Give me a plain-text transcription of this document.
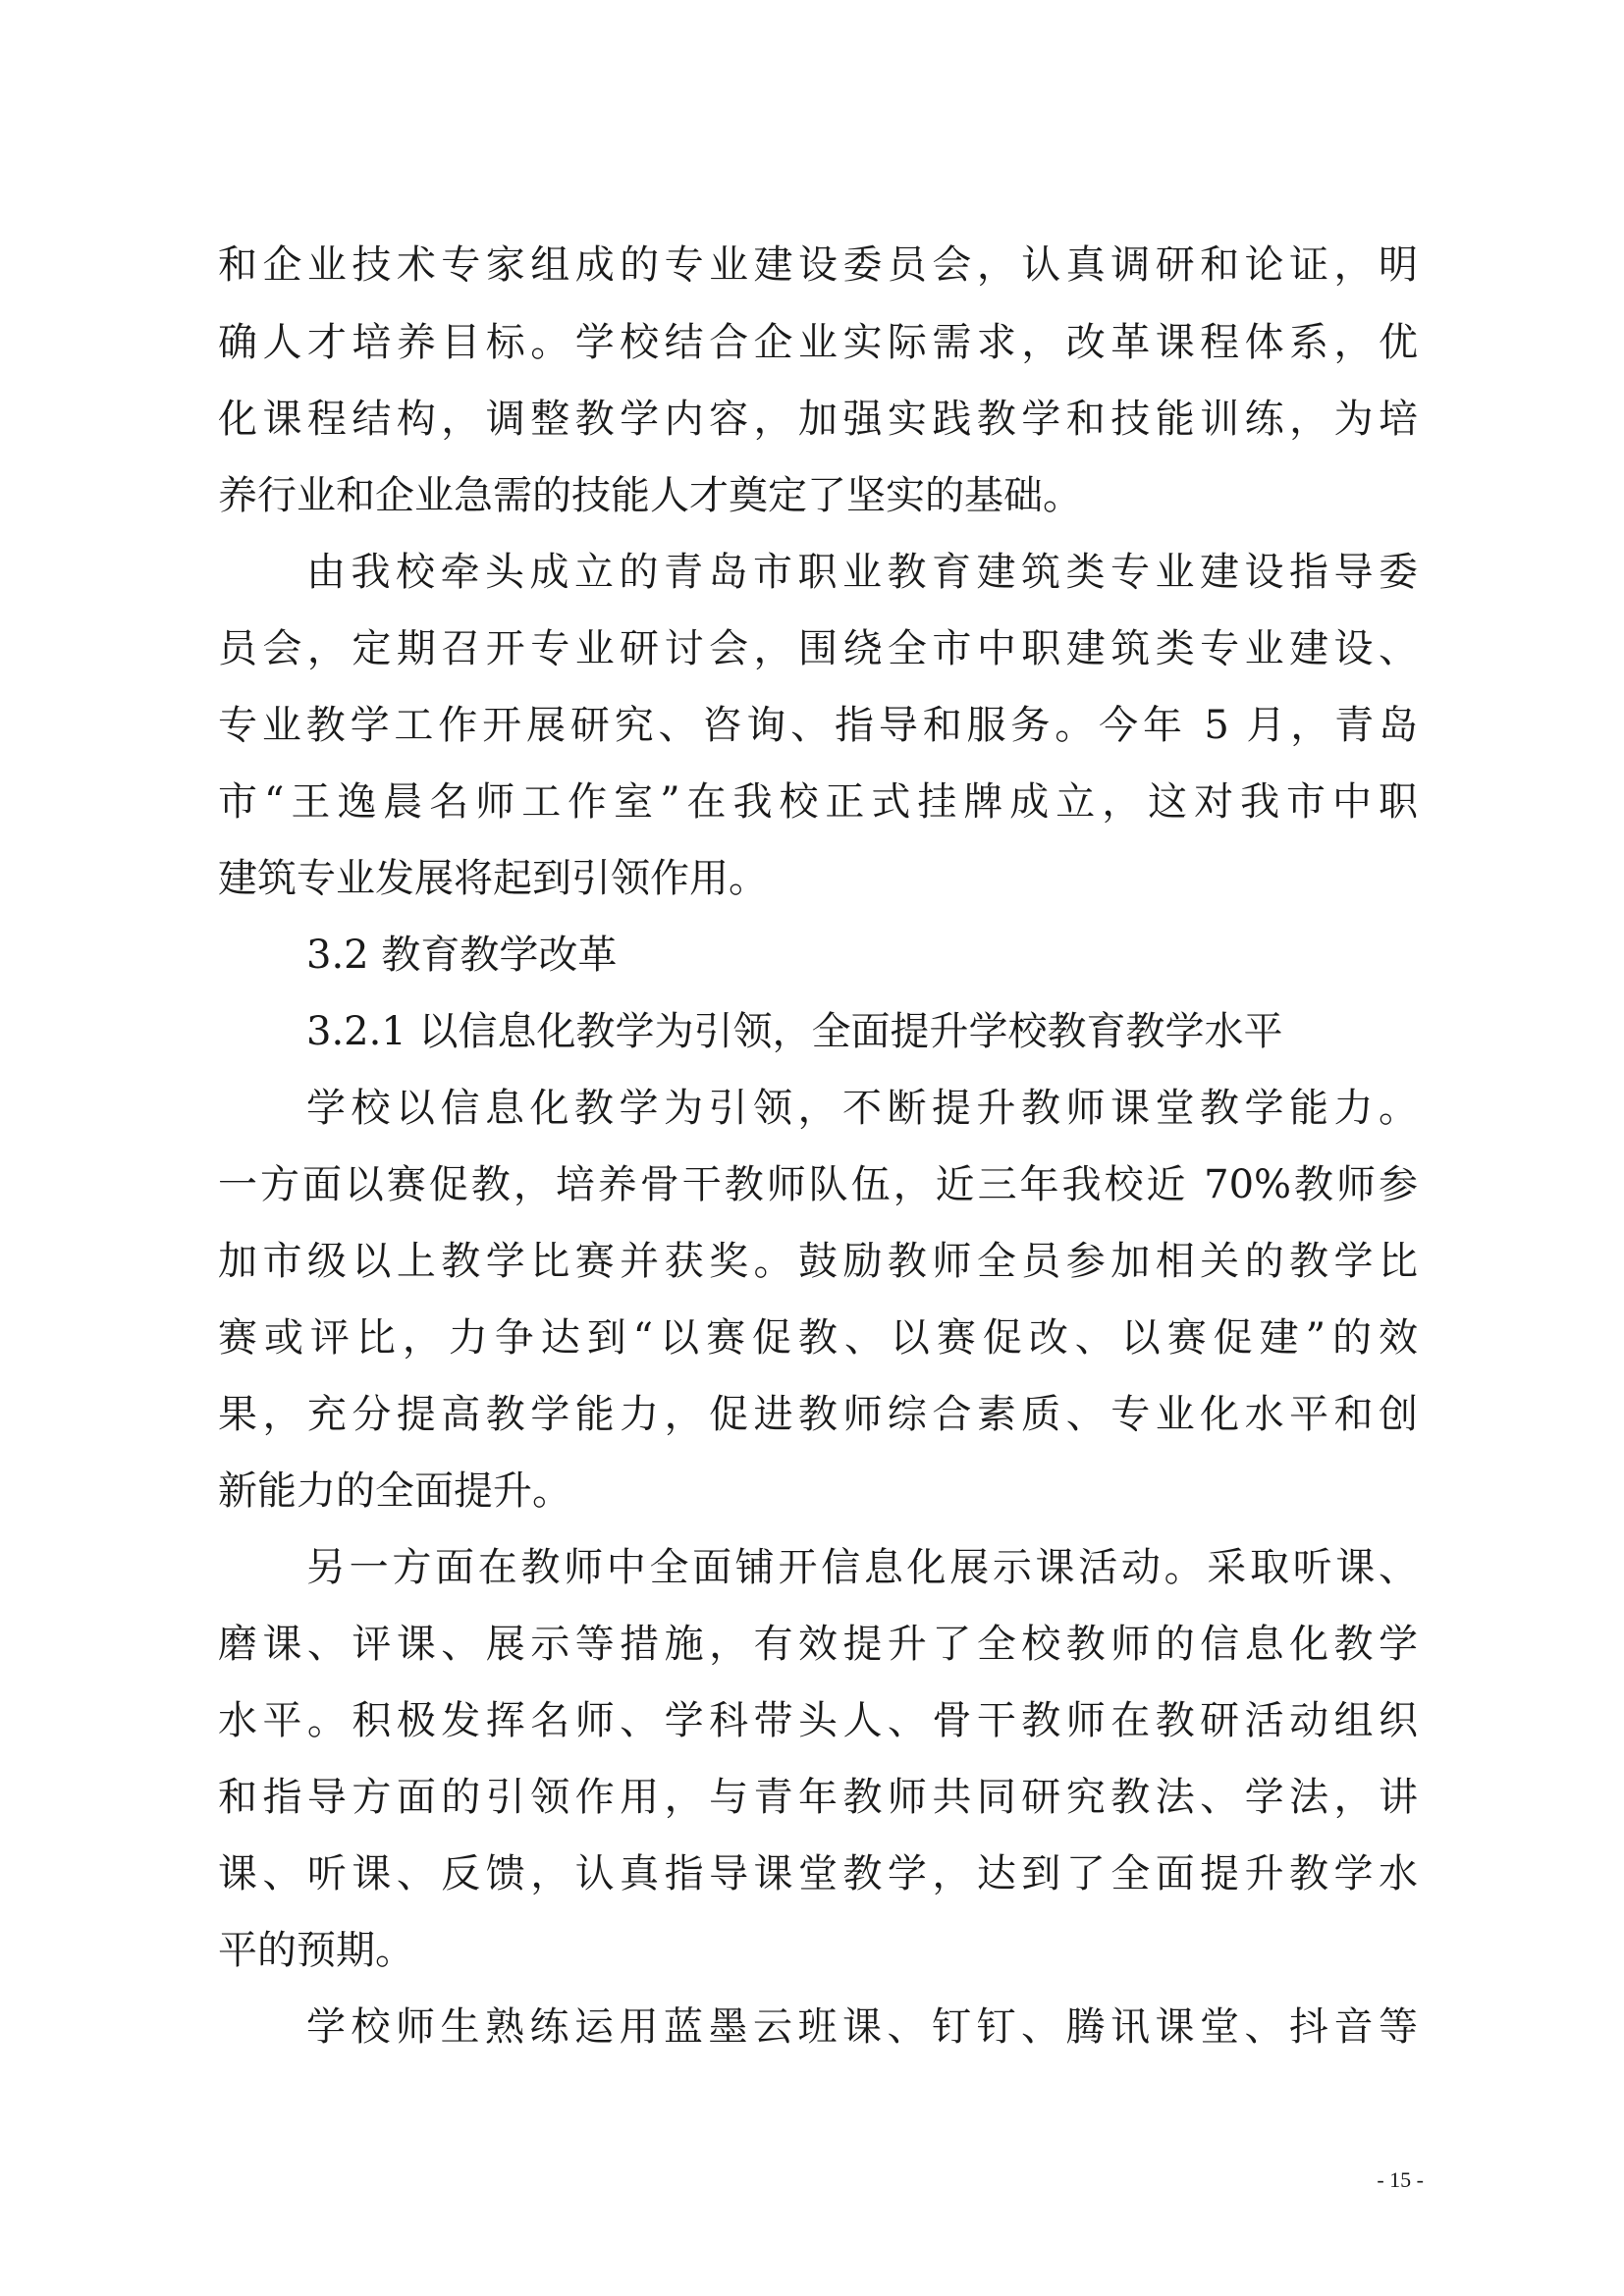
和企业技术专家组成的专业建设委员会，认真调研和论证，明
确人才培养目标。学校结合企业实际需求，改革课程体系，优
化课程结构，调整教学内容，加强实践教学和技能训练，为培
养行业和企业急需的技能人才奠定了坚实的基础。
由我校牵头成立的青岛市职业教育建筑类专业建设指导委
员会，定期召开专业研讨会，围绕全市中职建筑类专业建设、
专业教学工作开展研究、咨询、指导和服务。今年 5 月，青岛
市“王逸晨名师工作室”在我校正式挂牌成立，这对我市中职
建筑专业发展将起到引领作用。
3.2 教育教学改革
3.2.1 以信息化教学为引领，全面提升学校教育教学水平
学校以信息化教学为引领，不断提升教师课堂教学能力。
一方面以赛促教，培养骨干教师队伍，近三年我校近 70%教师参
加市级以上教学比赛并获奖。鼓励教师全员参加相关的教学比
赛或评比，力争达到“以赛促教、以赛促改、以赛促建”的效
果，充分提高教学能力，促进教师综合素质、专业化水平和创
新能力的全面提升。
另一方面在教师中全面铺开信息化展示课活动。采取听课、
磨课、评课、展示等措施，有效提升了全校教师的信息化教学
水平。积极发挥名师、学科带头人、骨干教师在教研活动组织
和指导方面的引领作用，与青年教师共同研究教法、学法，讲
课、听课、反馈，认真指导课堂教学，达到了全面提升教学水
平的预期。
学校师生熟练运用蓝墨云班课、钉钉、腾讯课堂、抖音等
- 15 -
